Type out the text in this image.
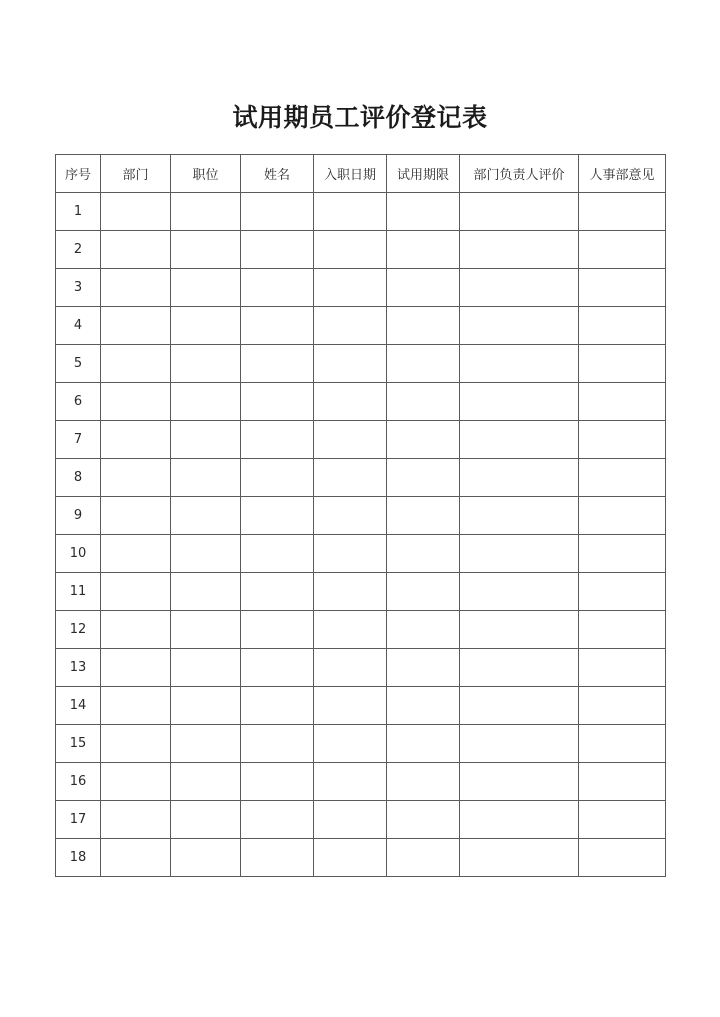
试用期员工评价登记表
序号	部门	职位	姓名	入职日期	试用期限	部门负责人评价	人事部意见
1							
2							
3							
4							
5							
6							
7							
8							
9							
10							
11							
12							
13							
14							
15							
16							
17							
18							
